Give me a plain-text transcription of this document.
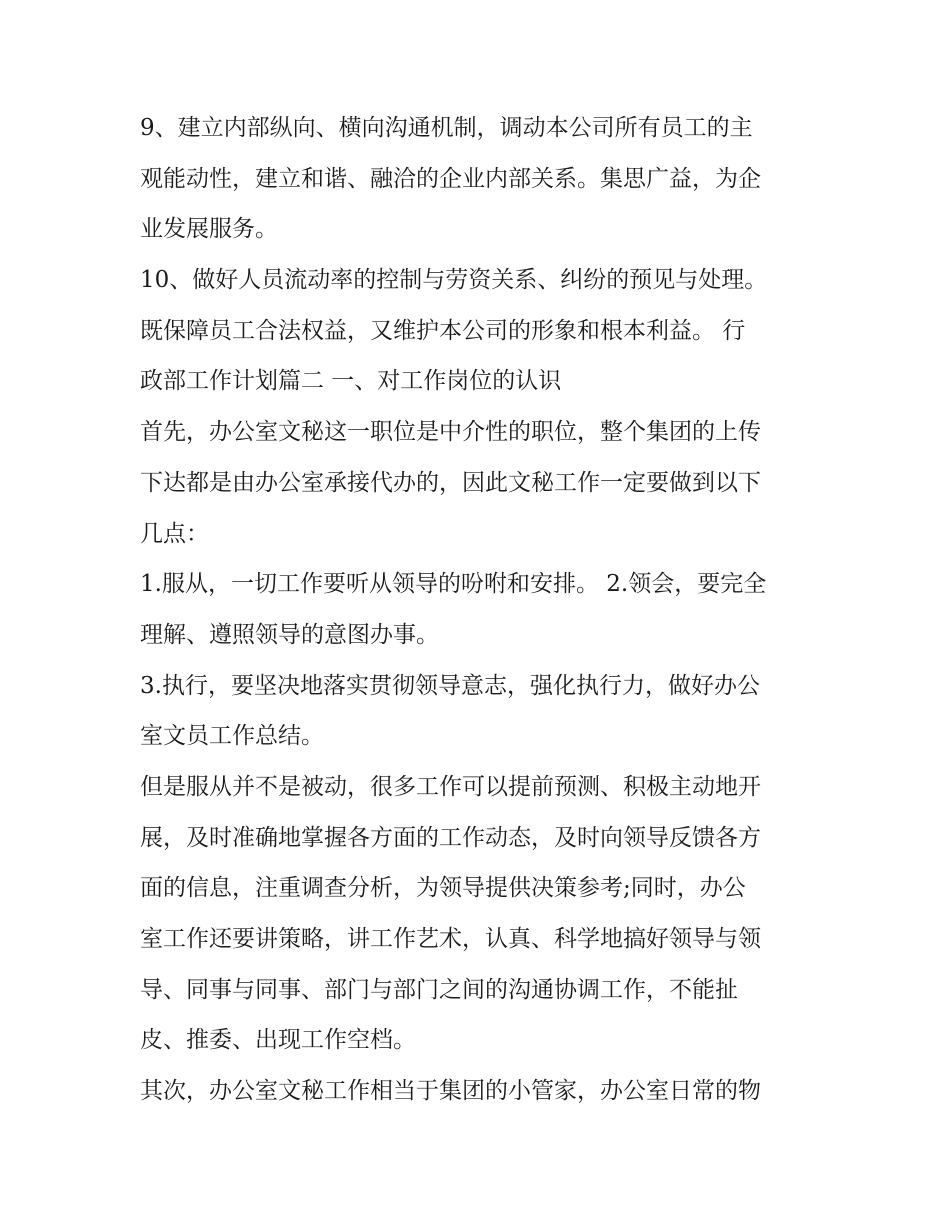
9、建立内部纵向、横向沟通机制，调动本公司所有员工的主
观能动性，建立和谐、融洽的企业内部关系。集思广益，为企
业发展服务。
10、做好人员流动率的控制与劳资关系、纠纷的预见与处理。
既保障员工合法权益，又维护本公司的形象和根本利益。 行
政部工作计划篇二 一、对工作岗位的认识
首先，办公室文秘这一职位是中介性的职位，整个集团的上传
下达都是由办公室承接代办的，因此文秘工作一定要做到以下
几点：
1.服从，一切工作要听从领导的吩咐和安排。 2.领会，要完全
理解、遵照领导的意图办事。
3.执行，要坚决地落实贯彻领导意志，强化执行力，做好办公
室文员工作总结。
但是服从并不是被动，很多工作可以提前预测、积极主动地开
展，及时准确地掌握各方面的工作动态，及时向领导反馈各方
面的信息，注重调查分析，为领导提供决策参考;同时，办公
室工作还要讲策略，讲工作艺术，认真、科学地搞好领导与领
导、同事与同事、部门与部门之间的沟通协调工作，不能扯
皮、推委、出现工作空档。
其次，办公室文秘工作相当于集团的小管家，办公室日常的物
